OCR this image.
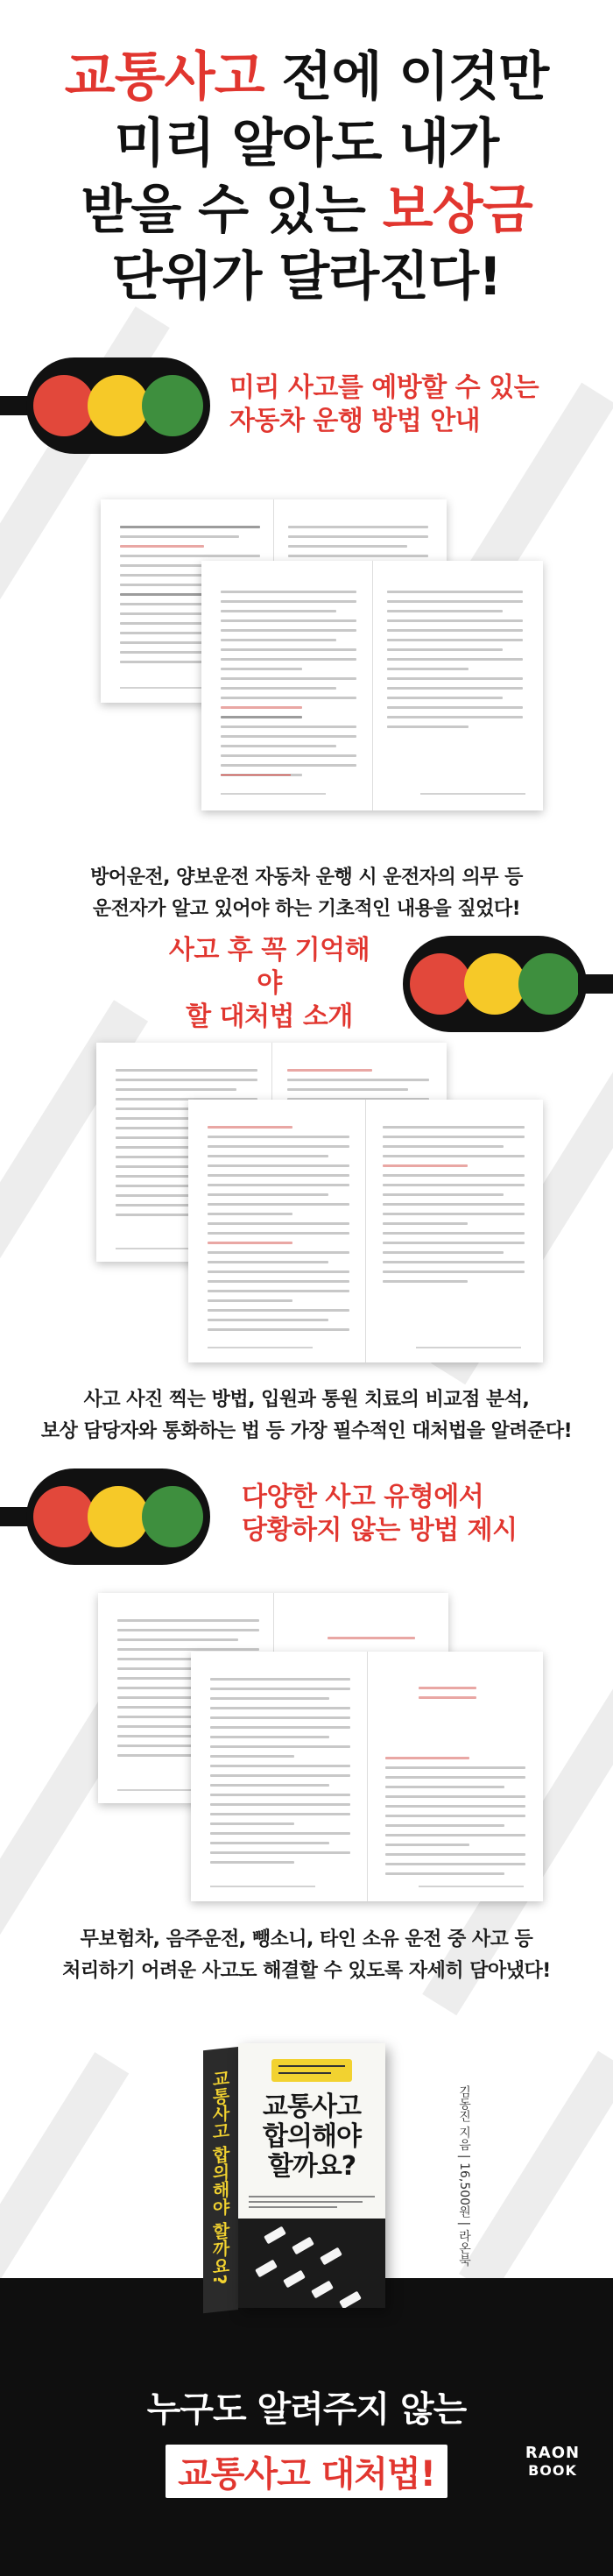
교통사고 전에 이것만
미리 알아도 내가
받을 수 있는 보상금
단위가 달라진다!
미리 사고를 예방할 수 있는
자동차 운행 방법 안내
방어운전, 양보운전 자동차 운행 시 운전자의 의무 등
운전자가 알고 있어야 하는 기초적인 내용을 짚었다!
사고 후 꼭 기억해야
할 대처법 소개
사고 사진 찍는 방법, 입원과 통원 치료의 비교점 분석,
보상 담당자와 통화하는 법 등 가장 필수적인 대처법을 알려준다!
다양한 사고 유형에서
당황하지 않는 방법 제시
무보험차, 음주운전, 뺑소니, 타인 소유 운전 중 사고 등
처리하기 어려운 사고도 해결할 수 있도록 자세히 담아냈다!
교통사고 합의해야 할까요?	교통사고
합의해야
할까요?	김동진 지음 | 16,500원 | 라온북
누구도 알려주지 않는
교통사고 대처법!
RAON
BOOK
